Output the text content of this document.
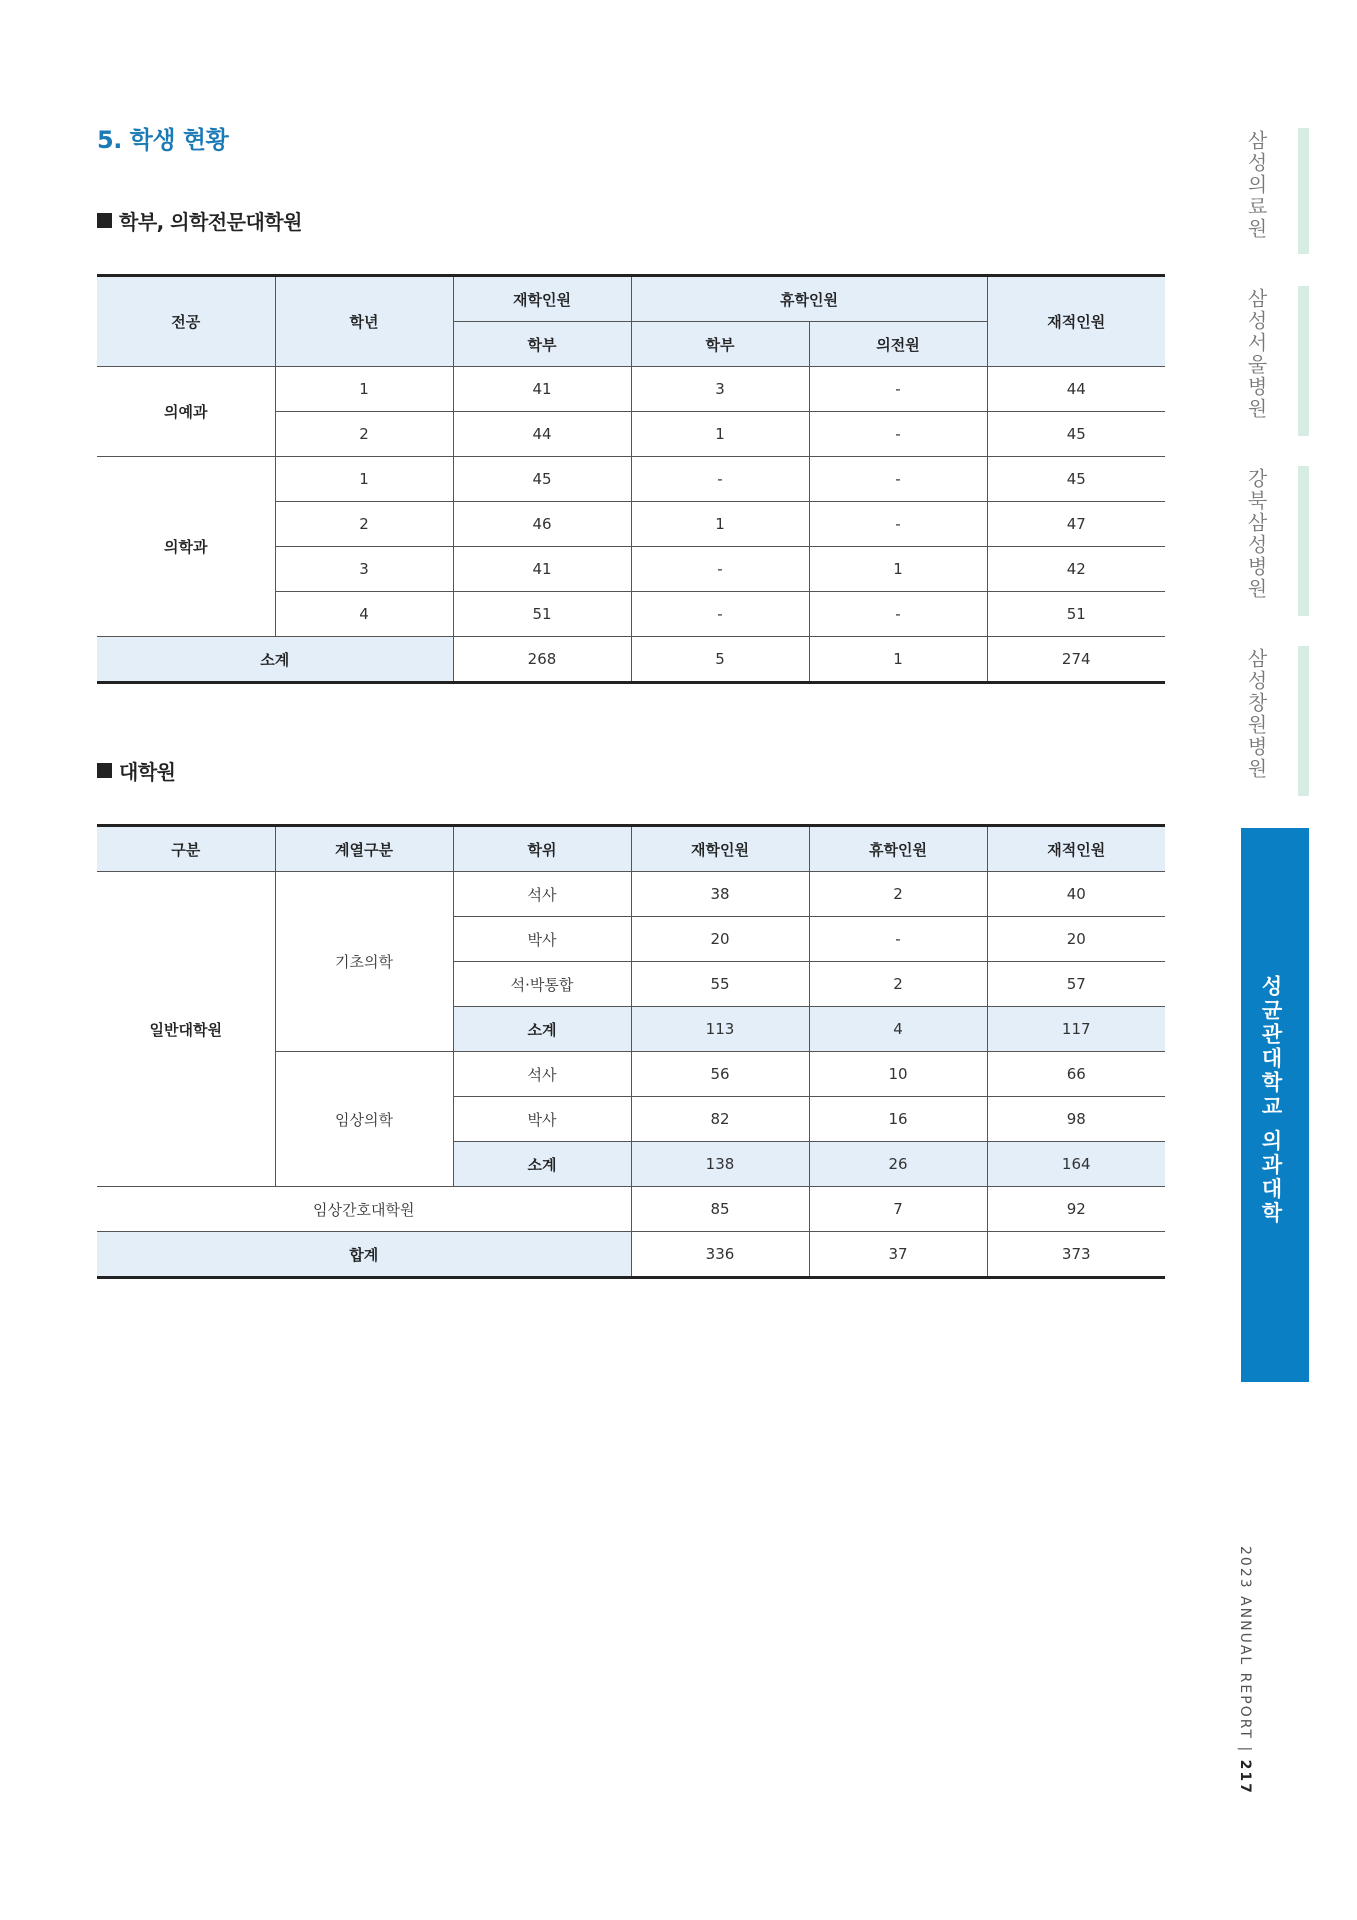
5. 학생 현황
학부, 의학전문대학원
전공	학년	재학인원	휴학인원		재적인원
		학부	학부	의전원	
의예과	1	41	3	-	44
	2	44	1	-	45
의학과	1	45	-	-	45
	2	46	1	-	47
	3	41	-	1	42
	4	51	-	-	51
소계		268	5	1	274
대학원
구분	계열구분	학위	재학인원	휴학인원	재적인원
일반대학원	기초의학	석사	38	2	40
		박사	20	-	20
		석·박통합	55	2	57
		소계	113	4	117
	임상의학	석사	56	10	66
		박사	82	16	98
		소계	138	26	164
임상간호대학원			85	7	92
합계			336	37	373
삼성의료원
삼성서울병원
강북삼성병원
삼성창원병원
성균관대학교 의과대학
2023 ANNUAL REPORT | 217
